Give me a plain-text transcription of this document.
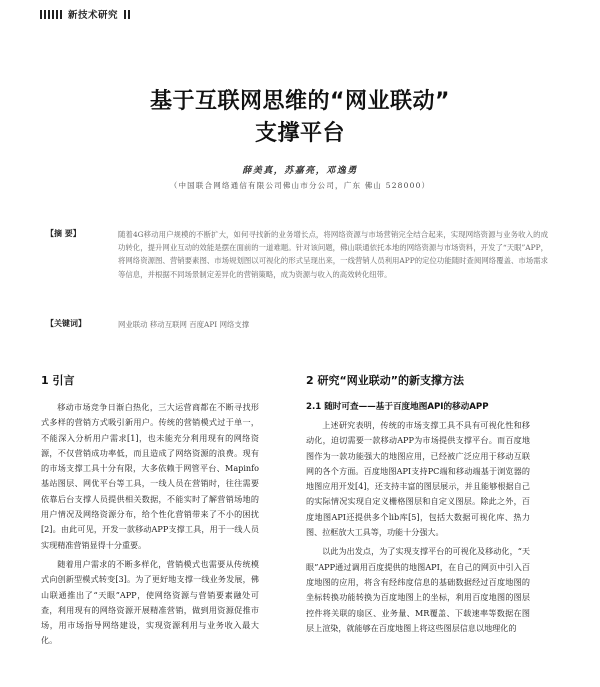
新技术研究
基于互联网思维的“网业联动”
支撑平台
薛美真，苏嘉亮，邓逸勇
（中国联合网络通信有限公司佛山市分公司，广东 佛山 528000）
【摘 要】	随着4G移动用户规模的不断扩大，如何寻找新的业务增长点，将网络资源与市场营销完全结合起来，实现网络资源与业务收入的成功转化，提升网业互动的效能是摆在面前的一道难题。针对该问题，佛山联通依托本地的网络资源与市场资料，开发了“天眼”APP，将网络资源图、营销要素图、市场规划图以可视化的形式呈现出来，一线营销人员利用APP的定位功能随时查阅网络覆盖、市场需求等信息，并根据不同场景制定差异化的营销策略，成为资源与收入的高效转化纽带。
【关键词】	网业联动 移动互联网 百度API 网络支撑
1 引言

移动市场竞争日渐白热化，三大运营商都在不断寻找形式多样的营销方式吸引新用户。传统的营销模式过于单一，不能深入分析用户需求[1]，也未能充分利用现有的网络资源，不仅营销成功率低，而且造成了网络资源的浪费。现有的市场支撑工具十分有限，大多依赖于网管平台、Mapinfo基站图层、网优平台等工具，一线人员在营销时，往往需要依靠后台支撑人员提供相关数据，不能实时了解营销场地的用户情况及网络资源分布，给个性化营销带来了不小的困扰[2]。由此可见，开发一款移动APP支撑工具，用于一线人员实现精准营销显得十分重要。

随着用户需求的不断多样化，营销模式也需要从传统模式向创新型模式转变[3]。为了更好地支撑一线业务发展，佛山联通推出了“天眼”APP，使网络资源与营销要素融处可查，利用现有的网络资源开展精准营销，做到用资源促推市场，用市场指导网络建设，实现资源利用与业务收入最大化。

2 研究“网业联动”的新支撑方法
2.1 随时可查——基于百度地图API的移动APP

上述研究表明，传统的市场支撑工具不具有可视化性和移动化，迫切需要一款移动APP为市场提供支撑平台。而百度地图作为一款功能强大的地图应用，已经被广泛应用于移动互联网的各个方面。百度地图API支持PC端和移动端基于浏览器的地图应用开发[4]，还支持丰富的图层展示，并且能够根据自己的实际情况实现自定义栅格图层和自定义图层。除此之外，百度地图API还提供多个lib库[5]，包括大数据可视化库、热力图、拉框放大工具等，功能十分强大。

以此为出发点，为了实现支撑平台的可视化及移动化，“天眼”APP通过调用百度提供的地图API，在自己的网页中引入百度地图的应用，将含有经纬度信息的基础数据经过百度地图的坐标转换功能转换为百度地图上的坐标，利用百度地图的图层控件将关联的扇区、业务量、MR覆盖、下载速率等数据在图层上渲染，就能够在百度地图上将这些图层信息以地理化的
